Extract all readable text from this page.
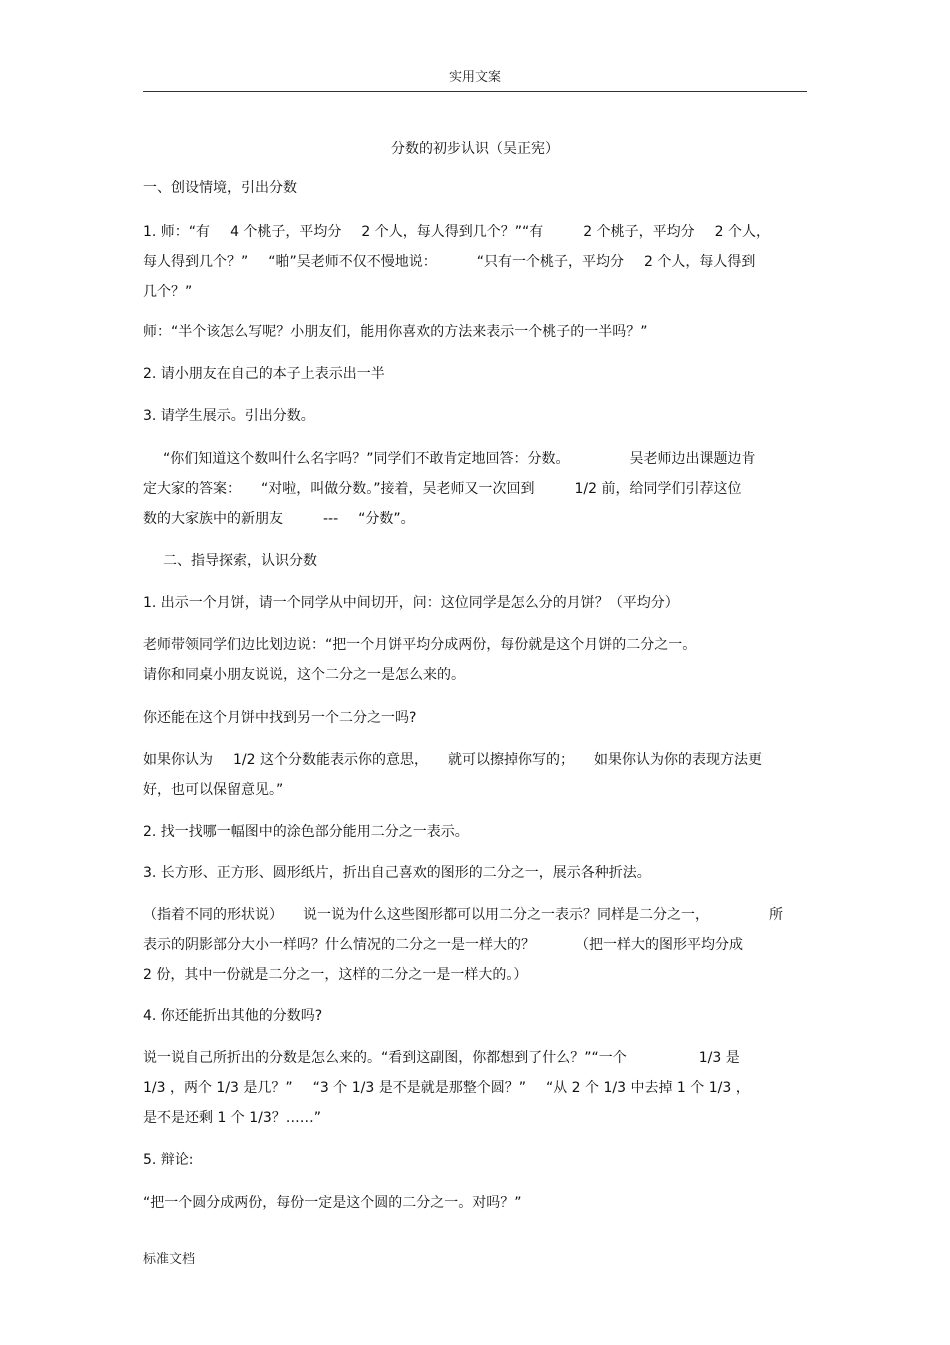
实用文案
分数的初步认识（吴正宪）
一、创设情境，引出分数
1. 师：“有 4 个桃子，平均分 2 个人，每人得到几个？”“有	2 个桃子，平均分 2 个人，
每人得到几个？” “啪”吴老师不仅不慢地说：	“只有一个桃子，平均分 2 个人，每人得到
几个？”
师：“半个该怎么写呢？小朋友们，能用你喜欢的方法来表示一个桃子的一半吗？”
2. 请小朋友在自己的本子上表示出一半
3. 请学生展示。引出分数。
“你们知道这个数叫什么名字吗？”同学们不敢肯定地回答：分数。	吴老师边出课题边肯
定大家的答案： “对啦，叫做分数。”接着，吴老师又一次回到	1/2 前，给同学们引荐这位
数的大家族中的新朋友	--- “分数”。
二、指导探索，认识分数
1. 出示一个月饼，请一个同学从中间切开，问：这位同学是怎么分的月饼？（平均分）
老师带领同学们边比划边说：“把一个月饼平均分成两份，每份就是这个月饼的二分之一。
请你和同桌小朋友说说，这个二分之一是怎么来的。
你还能在这个月饼中找到另一个二分之一吗?
如果你认为 1/2 这个分数能表示你的意思， 就可以擦掉你写的； 如果你认为你的表现方法更
好，也可以保留意见。”
2. 找一找哪一幅图中的涂色部分能用二分之一表示。
3. 长方形、正方形、圆形纸片，折出自己喜欢的图形的二分之一，展示各种折法。
（指着不同的形状说） 说一说为什么这些图形都可以用二分之一表示？同样是二分之一，	所
表示的阴影部分大小一样吗？什么情况的二分之一是一样大的？	（把一样大的图形平均分成
2 份，其中一份就是二分之一，这样的二分之一是一样大的。）
4. 你还能折出其他的分数吗?
说一说自己所折出的分数是怎么来的。“看到这副图，你都想到了什么？”“一个	1/3 是
1/3 ，两个 1/3 是几？” “3 个 1/3 是不是就是那整个圆？” “从 2 个 1/3 中去掉 1 个 1/3 ，
是不是还剩 1 个 1/3？……”
5. 辩论:
“把一个圆分成两份，每份一定是这个圆的二分之一。对吗？”
标准文档
